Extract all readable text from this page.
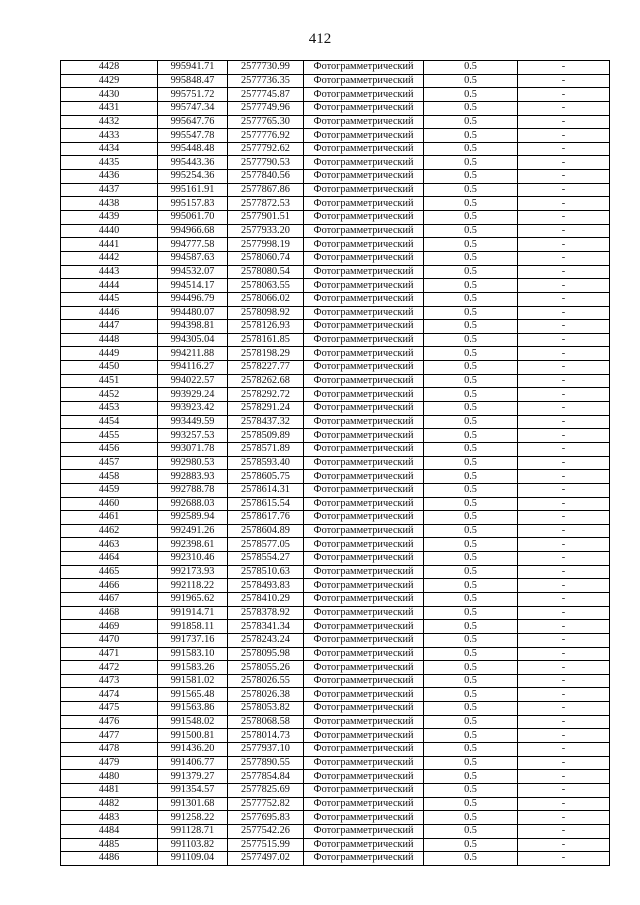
412
4428	995941.71	2577730.99	Фотограмметрический	0.5	-
4429	995848.47	2577736.35	Фотограмметрический	0.5	-
4430	995751.72	2577745.87	Фотограмметрический	0.5	-
4431	995747.34	2577749.96	Фотограмметрический	0.5	-
4432	995647.76	2577765.30	Фотограмметрический	0.5	-
4433	995547.78	2577776.92	Фотограмметрический	0.5	-
4434	995448.48	2577792.62	Фотограмметрический	0.5	-
4435	995443.36	2577790.53	Фотограмметрический	0.5	-
4436	995254.36	2577840.56	Фотограмметрический	0.5	-
4437	995161.91	2577867.86	Фотограмметрический	0.5	-
4438	995157.83	2577872.53	Фотограмметрический	0.5	-
4439	995061.70	2577901.51	Фотограмметрический	0.5	-
4440	994966.68	2577933.20	Фотограмметрический	0.5	-
4441	994777.58	2577998.19	Фотограмметрический	0.5	-
4442	994587.63	2578060.74	Фотограмметрический	0.5	-
4443	994532.07	2578080.54	Фотограмметрический	0.5	-
4444	994514.17	2578063.55	Фотограмметрический	0.5	-
4445	994496.79	2578066.02	Фотограмметрический	0.5	-
4446	994480.07	2578098.92	Фотограмметрический	0.5	-
4447	994398.81	2578126.93	Фотограмметрический	0.5	-
4448	994305.04	2578161.85	Фотограмметрический	0.5	-
4449	994211.88	2578198.29	Фотограмметрический	0.5	-
4450	994116.27	2578227.77	Фотограмметрический	0.5	-
4451	994022.57	2578262.68	Фотограмметрический	0.5	-
4452	993929.24	2578292.72	Фотограмметрический	0.5	-
4453	993923.42	2578291.24	Фотограмметрический	0.5	-
4454	993449.59	2578437.32	Фотограмметрический	0.5	-
4455	993257.53	2578509.89	Фотограмметрический	0.5	-
4456	993071.78	2578571.89	Фотограмметрический	0.5	-
4457	992980.53	2578593.40	Фотограмметрический	0.5	-
4458	992883.93	2578605.75	Фотограмметрический	0.5	-
4459	992788.78	2578614.31	Фотограмметрический	0.5	-
4460	992688.03	2578615.54	Фотограмметрический	0.5	-
4461	992589.94	2578617.76	Фотограмметрический	0.5	-
4462	992491.26	2578604.89	Фотограмметрический	0.5	-
4463	992398.61	2578577.05	Фотограмметрический	0.5	-
4464	992310.46	2578554.27	Фотограмметрический	0.5	-
4465	992173.93	2578510.63	Фотограмметрический	0.5	-
4466	992118.22	2578493.83	Фотограмметрический	0.5	-
4467	991965.62	2578410.29	Фотограмметрический	0.5	-
4468	991914.71	2578378.92	Фотограмметрический	0.5	-
4469	991858.11	2578341.34	Фотограмметрический	0.5	-
4470	991737.16	2578243.24	Фотограмметрический	0.5	-
4471	991583.10	2578095.98	Фотограмметрический	0.5	-
4472	991583.26	2578055.26	Фотограмметрический	0.5	-
4473	991581.02	2578026.55	Фотограмметрический	0.5	-
4474	991565.48	2578026.38	Фотограмметрический	0.5	-
4475	991563.86	2578053.82	Фотограмметрический	0.5	-
4476	991548.02	2578068.58	Фотограмметрический	0.5	-
4477	991500.81	2578014.73	Фотограмметрический	0.5	-
4478	991436.20	2577937.10	Фотограмметрический	0.5	-
4479	991406.77	2577890.55	Фотограмметрический	0.5	-
4480	991379.27	2577854.84	Фотограмметрический	0.5	-
4481	991354.57	2577825.69	Фотограмметрический	0.5	-
4482	991301.68	2577752.82	Фотограмметрический	0.5	-
4483	991258.22	2577695.83	Фотограмметрический	0.5	-
4484	991128.71	2577542.26	Фотограмметрический	0.5	-
4485	991103.82	2577515.99	Фотограмметрический	0.5	-
4486	991109.04	2577497.02	Фотограмметрический	0.5	-
